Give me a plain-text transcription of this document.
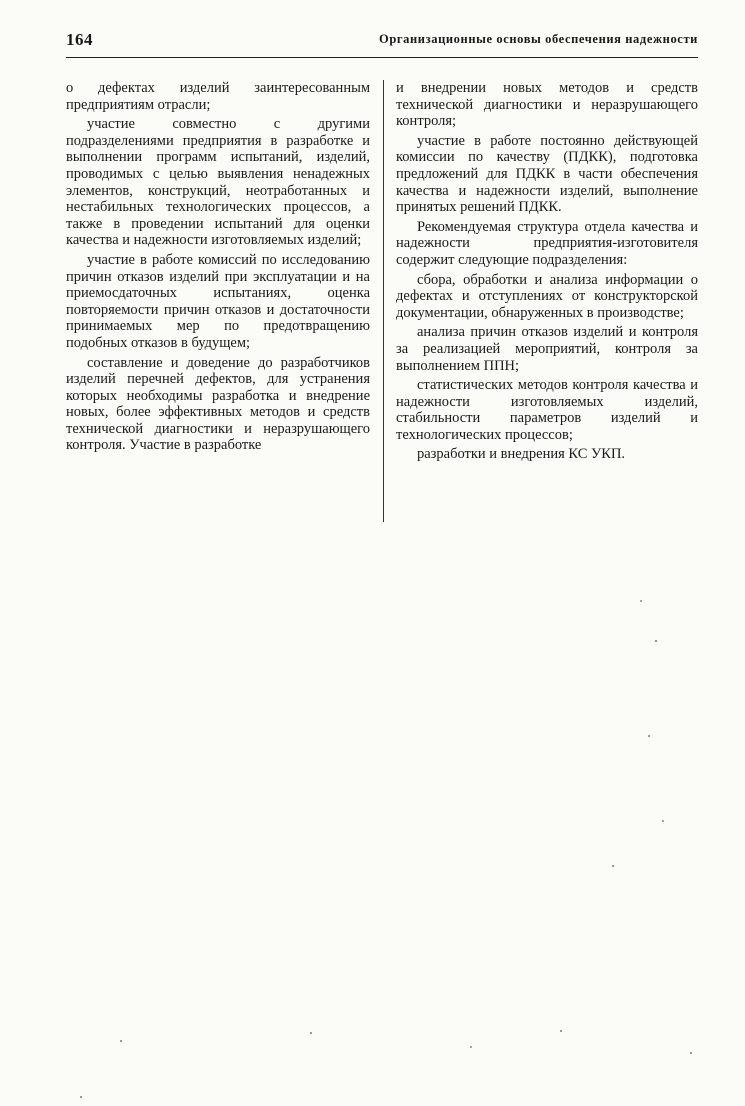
164	Организационные основы обеспечения надежности

о дефектах изделий заинтересованным предприятиям отрасли;

участие совместно с другими подразделениями предприятия в разработке и выполнении программ испытаний, изделий, проводимых с целью выявления ненадежных элементов, конструкций, неотработанных и нестабильных технологических процессов, а также в проведении испытаний для оценки качества и надежности изготовляемых изделий;

участие в работе комиссий по исследованию причин отказов изделий при эксплуатации и на приемосдаточных испытаниях, оценка повторяемости причин отказов и достаточности принимаемых мер по предотвращению подобных отказов в будущем;

составление и доведение до разработчиков изделий перечней дефектов, для устранения которых необходимы разработка и внедрение новых, более эффективных методов и средств технической диагностики и неразрушающего контроля. Участие в разработке

и внедрении новых методов и средств технической диагностики и неразрушающего контроля;

участие в работе постоянно действующей комиссии по качеству (ПДКК), подготовка предложений для ПДКК в части обеспечения качества и надежности изделий, выполнение принятых решений ПДКК.

Рекомендуемая структура отдела качества и надежности предприятия-изготовителя содержит следующие подразделения:

сбора, обработки и анализа информации о дефектах и отступлениях от конструкторской документации, обнаруженных в производстве;

анализа причин отказов изделий и контроля за реализацией мероприятий, контроля за выполнением ППН;

статистических методов контроля качества и надежности изготовляемых изделий, стабильности параметров изделий и технологических процессов;

разработки и внедрения КС УКП.
